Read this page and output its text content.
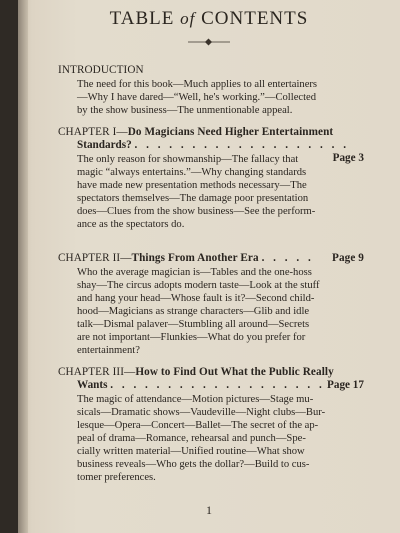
TABLE of CONTENTS
INTRODUCTION
The need for this book—Much applies to all entertainers
—Why I have dared—“Well, he's working.”—Collected
by the show business—The unmentionable appeal.
CHAPTER I—Do Magicians Need Higher Entertainment
Standards? . . . . . . . . . . . . . . . . . . .
Page 3
The only reason for showmanship—The fallacy that
magic “always entertains.”—Why changing standards
have made new presentation methods necessary—The
spectators themselves—The damage poor presentation
does—Clues from the show business—See the perform-
ance as the spectators do.
CHAPTER II—Things From Another Era . . . . . Page 9
Who the average magician is—Tables and the one-hoss
shay—The circus adopts modern taste—Look at the stuff
and hang your head—Whose fault is it?—Second child-
hood—Magicians as strange characters—Glib and idle
talk—Dismal palaver—Stumbling all around—Secrets
are not important—Flunkies—What do you prefer for
entertainment?
CHAPTER III—How to Find Out What the Public Really
Wants . . . . . . . . . . . . . . . . . . . Page 17
The magic of attendance—Motion pictures—Stage mu-
sicals—Dramatic shows—Vaudeville—Night clubs—Bur-
lesque—Opera—Concert—Ballet—The secret of the ap-
peal of drama—Romance, rehearsal and punch—Spe-
cially written material—Unified routine—What show
business reveals—Who gets the dollar?—Build to cus-
tomer preferences.
1
